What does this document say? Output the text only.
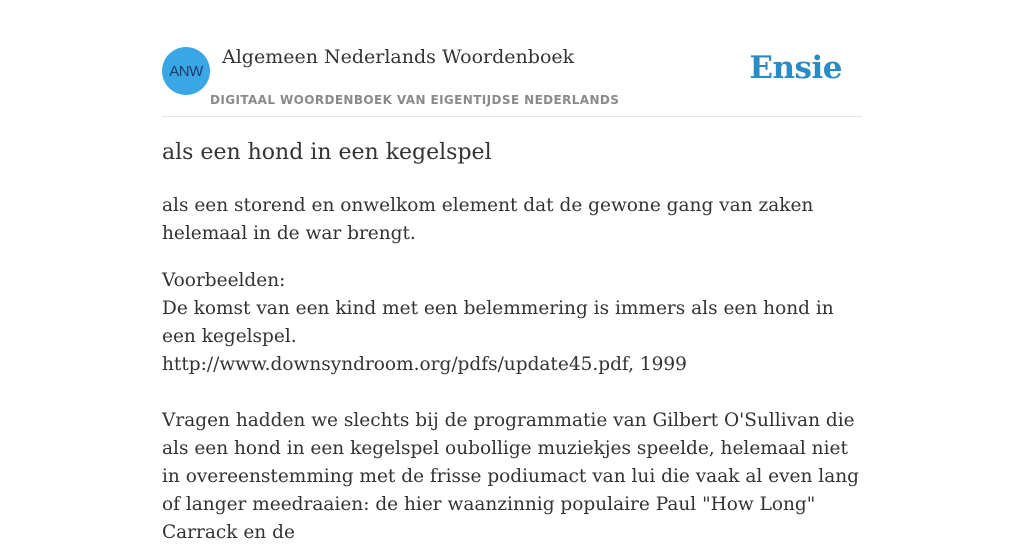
ANW
Algemeen Nederlands Woordenboek
DIGITAAL WOORDENBOEK VAN EIGENTIJDSE NEDERLANDS
Ensie
als een hond in een kegelspel
als een storend en onwelkom element dat de gewone gang van zaken helemaal in de war brengt.
Voorbeelden:
De komst van een kind met een belemmering is immers als een hond in een kegelspel.
http://www.downsyndroom.org/pdfs/update45.pdf, 1999
Vragen hadden we slechts bij de programmatie van Gilbert O'Sullivan die als een hond in een kegelspel oubollige muziekjes speelde, helemaal niet in overeenstemming met de frisse podiumact van lui die vaak al even lang of langer meedraaien: de hier waanzinnig populaire Paul "How Long" Carrack en de
